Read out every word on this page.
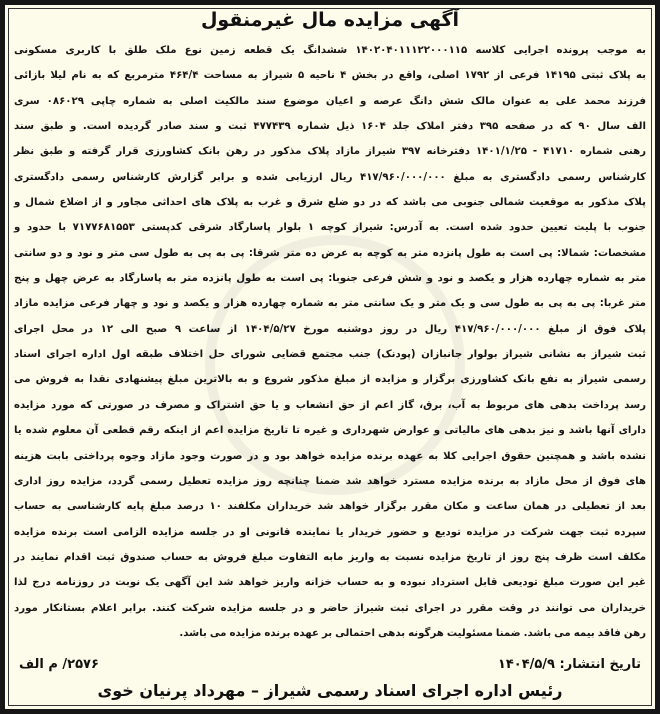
آگهی مزایده مال غیرمنقول
به موجب پرونده اجرایی کلاسه ۱۴۰۲۰۴۰۱۱۱۲۲۰۰۰۱۱۵ ششدانگ یک قطعه زمین نوع ملک طلق با کاربری مسکونی
به پلاک ثبتی ۱۴۱۹۵ فرعی از ۱۷۹۲ اصلی، واقع در بخش ۴ ناحیه ۵ شیراز به مساحت ۴۶۴/۴ مترمربع که به نام لیلا بازائی
فرزند محمد علی به عنوان مالک شش دانگ عرصه و اعیان موضوع سند مالکیت اصلی به شماره چاپی ۰۸۶۰۲۹ سری
الف سال ۹۰ که در صفحه ۳۹۵ دفتر املاک جلد ۱۶۰۴ ذیل شماره ۴۷۷۴۳۹ ثبت و سند صادر گردیده است. و طبق سند
رهنی شماره ۴۱۷۱۰ - ۱۴۰۱/۱/۲۵ دفترخانه ۳۹۷ شیراز مازاد پلاک مذکور در رهن بانک کشاورزی قرار گرفته و طبق نظر
کارشناس رسمی دادگستری به مبلغ ۴۱۷/۹۶۰/۰۰۰/۰۰۰ ریال ارزیابی شده و برابر گزارش کارشناس رسمی دادگستری
پلاک مذکور به موقعیت شمالی جنوبی می باشد که در دو ضلع شرق و غرب به پلاک های احداثی مجاور و از اضلاع شمال و
جنوب با پلیت تعیین حدود شده است. به آدرس: شیراز کوچه ۱ بلوار پاسارگاد شرقی کدپستی ۷۱۷۷۶۸۱۵۵۳ با حدود و
مشخصات: شمالا: پی است به طول پانزده متر به کوچه به عرض ده متر شرقا: پی به پی به طول سی متر و نود و دو سانتی
متر به شماره چهارده هزار و یکصد و نود و شش فرعی جنوبا: پی است به طول پانزده متر به پاسارگاد به عرض چهل و پنج
متر غربا: پی به پی به طول سی و یک متر و یک سانتی متر به شماره چهارده هزار و یکصد و نود و چهار فرعی مزایده مازاد
پلاک فوق از مبلغ ۴۱۷/۹۶۰/۰۰۰/۰۰۰ ریال در روز دوشنبه مورخ ۱۴۰۴/۵/۲۷ از ساعت ۹ صبح الی ۱۲ در محل اجرای
ثبت شیراز به نشانی شیراز بولوار جانبازان (پودنک) جنب مجتمع قضایی شورای حل اختلاف طبقه اول اداره اجرای اسناد
رسمی شیراز به نفع بانک کشاورزی برگزار و مزایده از مبلغ مذکور شروع و به بالاترین مبلغ پیشنهادی نقدا به فروش می
رسد پرداخت بدهی های مربوط به آب، برق، گاز اعم از حق انشعاب و یا حق اشتراک و مصرف در صورتی که مورد مزایده
دارای آنها باشد و نیز بدهی های مالیاتی و عوارض شهرداری و غیره تا تاریخ مزایده اعم از اینکه رقم قطعی آن معلوم شده یا
نشده باشد و همچنین حقوق اجرایی کلا به عهده برنده مزایده خواهد بود و در صورت وجود مازاد وجوه پرداختی بابت هزینه
های فوق از محل مازاد به برنده مزایده مسترد خواهد شد ضمنا چنانچه روز مزایده تعطیل رسمی گردد، مزایده روز اداری
بعد از تعطیلی در همان ساعت و مکان مقرر برگزار خواهد شد خریداران مکلفند ۱۰ درصد مبلغ پایه کارشناسی به حساب
سپرده ثبت جهت شرکت در مزایده تودیع و حضور خریدار یا نماینده قانونی او در جلسه مزایده الزامی است برنده مزایده
مکلف است ظرف پنج روز از تاریخ مزایده نسبت به واریز مابه التفاوت مبلغ فروش به حساب صندوق ثبت اقدام نمایند در
غیر این صورت مبلغ تودیعی قابل استرداد نبوده و به حساب خزانه واریز خواهد شد این آگهی یک نوبت در روزنامه درج لذا
خریداران می توانند در وقت مقرر در اجرای ثبت شیراز حاضر و در جلسه مزایده شرکت کنند. برابر اعلام بستانکار مورد
رهن فاقد بیمه می باشد. ضمنا مسئولیت هرگونه بدهی احتمالی بر عهده برنده مزایده می باشد.
تاریخ انتشار: ۱۴۰۴/۵/۹
۲۵۷۶/ م الف
رئیس اداره اجرای اسناد رسمی شیراز – مهرداد پرنیان خوی
